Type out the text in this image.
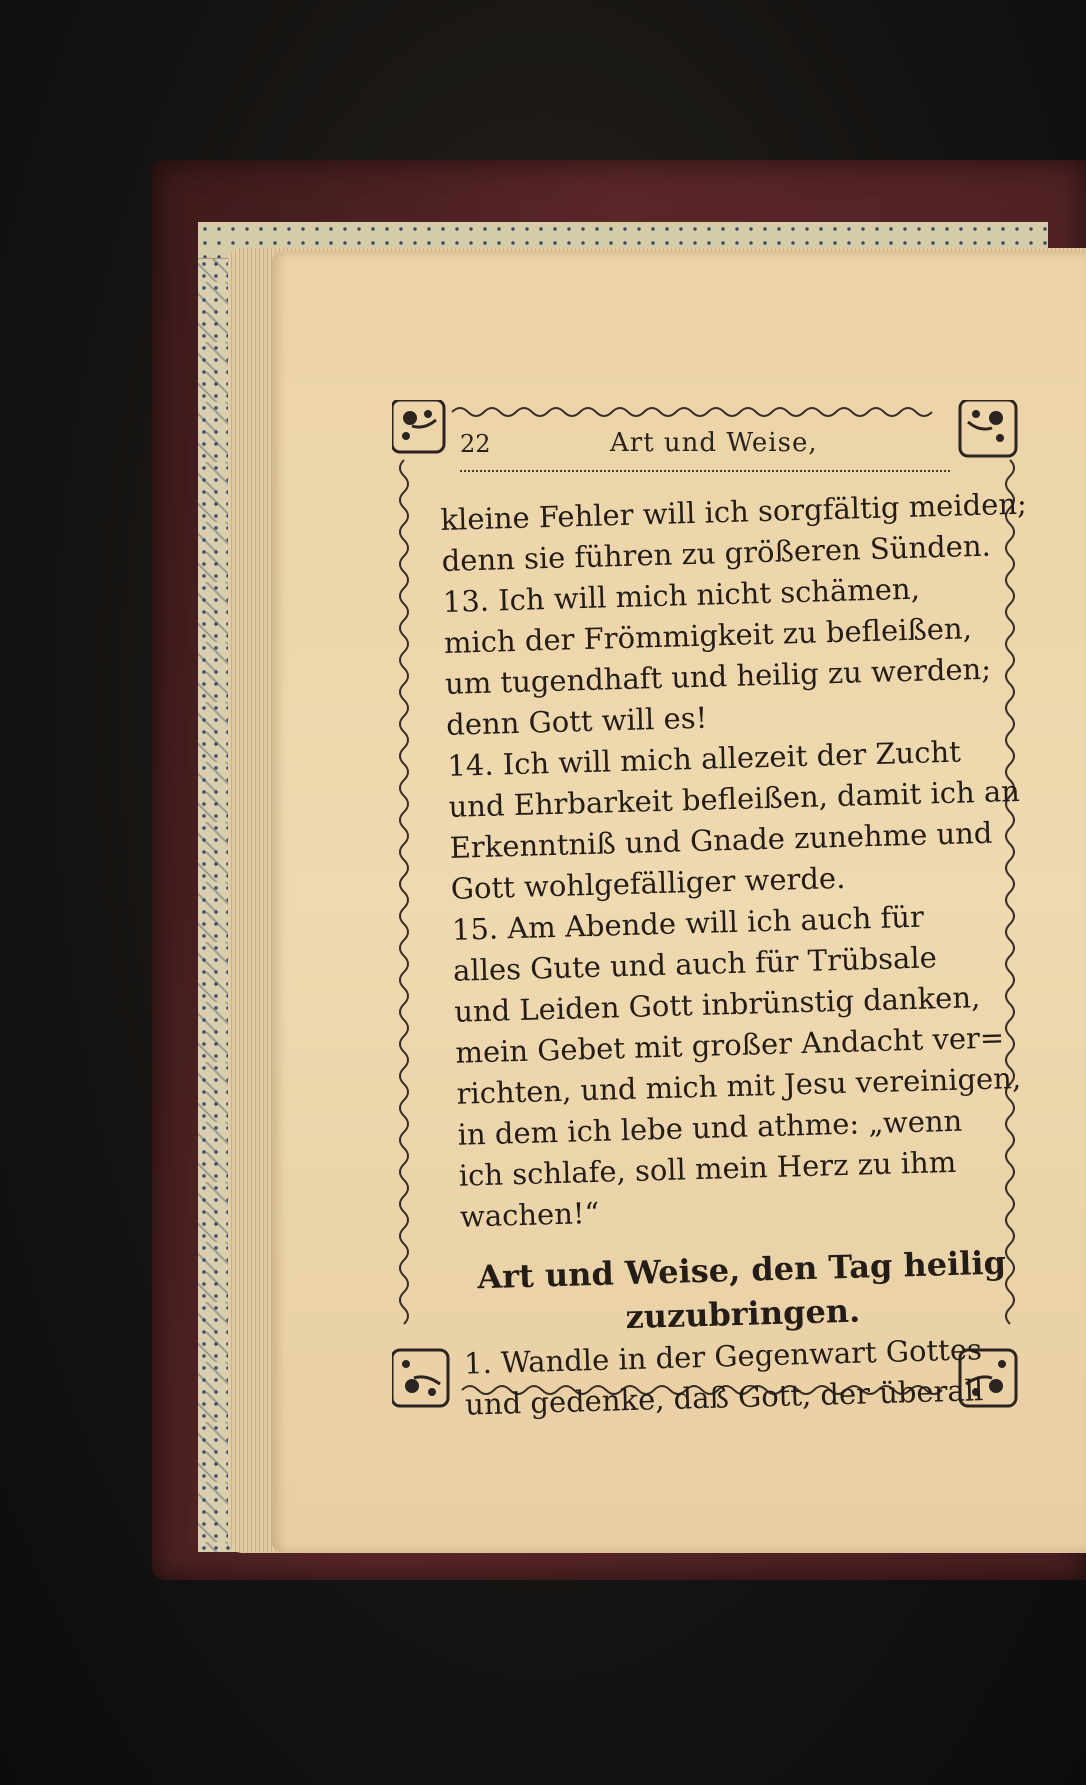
22	Art und Weise,
kleine Fehler will ich sorgfältig meiden;
denn sie führen zu größeren Sünden.
13. Ich will mich nicht schämen,
mich der Frömmigkeit zu befleißen,
um tugendhaft und heilig zu werden;
denn Gott will es!
14. Ich will mich allezeit der Zucht
und Ehrbarkeit befleißen, damit ich an
Erkenntniß und Gnade zunehme und
Gott wohlgefälliger werde.
15. Am Abende will ich auch für
alles Gute und auch für Trübsale
und Leiden Gott inbrünstig danken,
mein Gebet mit großer Andacht ver=
richten, und mich mit Jesu vereinigen,
in dem ich lebe und athme: „wenn
ich schlafe, soll mein Herz zu ihm
wachen!“
Art und Weise, den Tag heilig
zuzubringen.
1. Wandle in der Gegenwart Gottes
und gedenke, daß Gott, der überall
